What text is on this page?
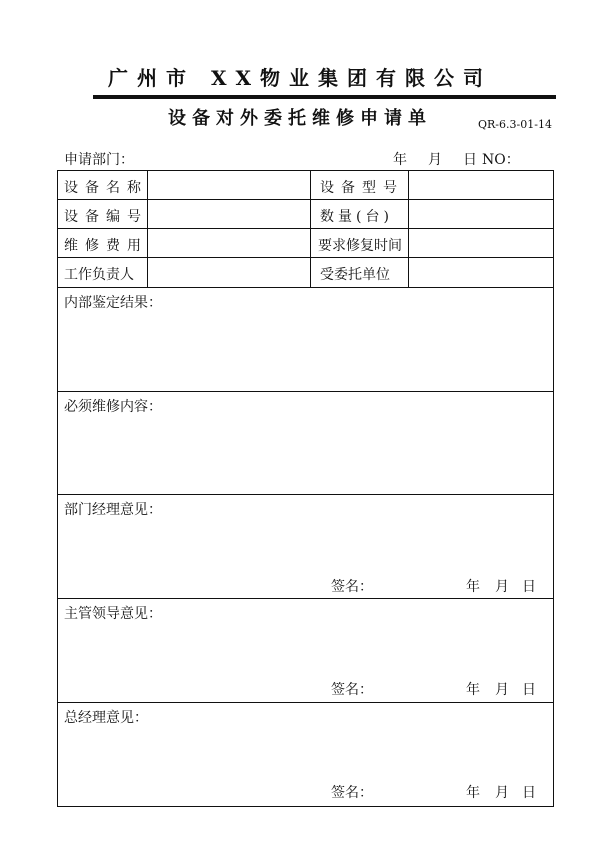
广州市 XX物业集团有限公司
设备对外委托维修申请单	QR-6.3-01-14
申请部门：	年 月 日 NO：
设备名称	设备型号
设备编号	数量(台)
维修费用	要求修复时间
工作负责人	受委托单位
内部鉴定结果：
必须维修内容：
部门经理意见：
签名：	年 月 日
主管领导意见：
签名：	年 月 日
总经理意见：
签名：	年 月 日
